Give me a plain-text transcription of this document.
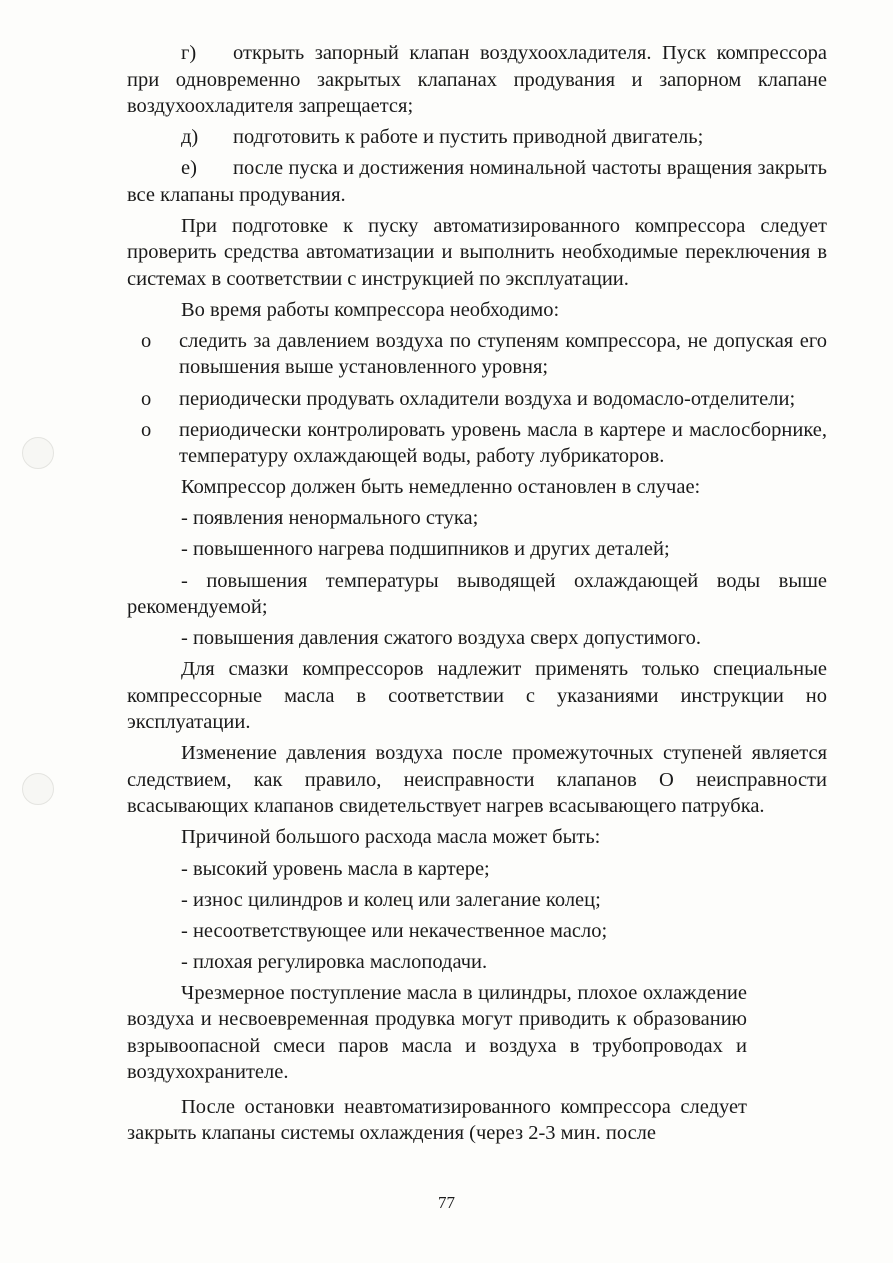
г) открыть запорный клапан воздухоохладителя. Пуск компрессора при одновременно закрытых клапанах продувания и запорном клапане воздухоохладителя запрещается;

д) подготовить к работе и пустить приводной двигатель;

е) после пуска и достижения номинальной частоты вращения закрыть все клапаны продувания.

При подготовке к пуску автоматизированного компрессора следует проверить средства автоматизации и выполнить необходимые переключения в системах в соответствии с инструкцией по эксплуатации.

Во время работы компрессора необходимо:

o	следить за давлением воздуха по ступеням компрессора, не допуская его повышения выше установленного уровня;
o	периодически продувать охладители воздуха и водомасло-отделители;
o	периодически контролировать уровень масла в картере и маслосборнике, температуру охлаждающей воды, работу лубрикаторов.

Компрессор должен быть немедленно остановлен в случае:

- появления ненормального стука;

- повышенного нагрева подшипников и других деталей;

- повышения температуры выводящей охлаждающей воды выше рекомендуемой;

- повышения давления сжатого воздуха сверх допустимого.

Для смазки компрессоров надлежит применять только специальные компрессорные масла в соответствии с указаниями инструкции но эксплуатации.

Изменение давления воздуха после промежуточных ступеней является следствием, как правило, неисправности клапанов О неисправности всасывающих клапанов свидетельствует нагрев всасывающего патрубка.

Причиной большого расхода масла может быть:

- высокий уровень масла в картере;

- износ цилиндров и колец или залегание колец;

- несоответствующее или некачественное масло;

- плохая регулировка маслоподачи.

Чрезмерное поступление масла в цилиндры, плохое охлаждение воздуха и несвоевременная продувка могут приводить к образованию взрывоопасной смеси паров масла и воздуха в трубопроводах и воздухохранителе.

После остановки неавтоматизированного компрессора следует закрыть клапаны системы охлаждения (через 2-3 мин. после

77
